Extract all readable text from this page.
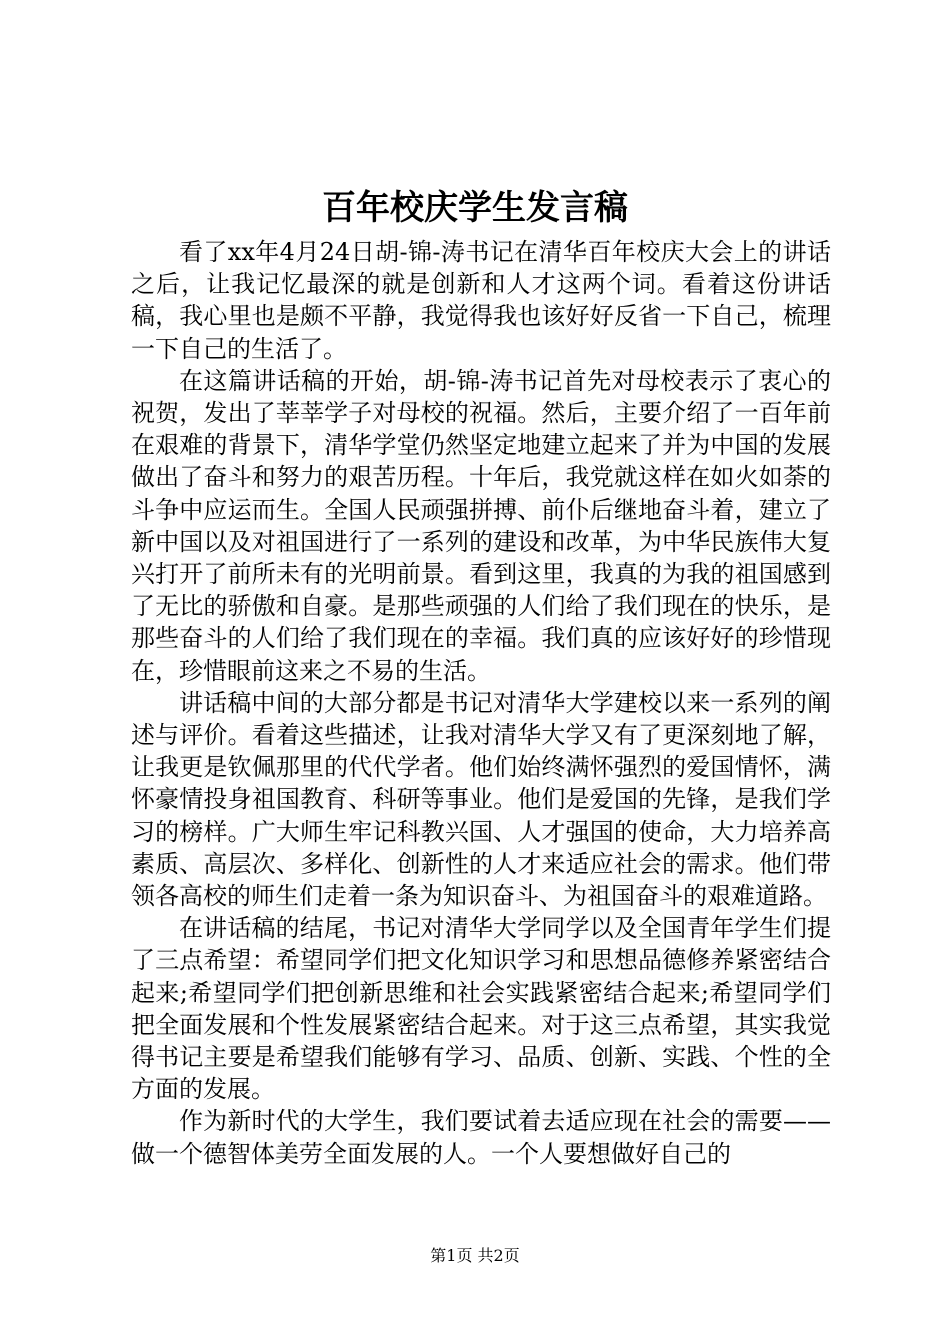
百年校庆学生发言稿

看了xx年4月24日胡-锦-涛书记在清华百年校庆大会上的讲话之后，让我记忆最深的就是创新和人才这两个词。看着这份讲话稿，我心里也是颇不平静，我觉得我也该好好反省一下自己，梳理一下自己的生活了。

在这篇讲话稿的开始，胡-锦-涛书记首先对母校表示了衷心的祝贺，发出了莘莘学子对母校的祝福。然后，主要介绍了一百年前在艰难的背景下，清华学堂仍然坚定地建立起来了并为中国的发展做出了奋斗和努力的艰苦历程。十年后，我党就这样在如火如荼的斗争中应运而生。全国人民顽强拼搏、前仆后继地奋斗着，建立了新中国以及对祖国进行了一系列的建设和改革，为中华民族伟大复兴打开了前所未有的光明前景。看到这里，我真的为我的祖国感到了无比的骄傲和自豪。是那些顽强的人们给了我们现在的快乐，是那些奋斗的人们给了我们现在的幸福。我们真的应该好好的珍惜现在，珍惜眼前这来之不易的生活。

讲话稿中间的大部分都是书记对清华大学建校以来一系列的阐述与评价。看着这些描述，让我对清华大学又有了更深刻地了解，让我更是钦佩那里的代代学者。他们始终满怀强烈的爱国情怀，满怀豪情投身祖国教育、科研等事业。他们是爱国的先锋，是我们学习的榜样。广大师生牢记科教兴国、人才强国的使命，大力培养高素质、高层次、多样化、创新性的人才来适应社会的需求。他们带领各高校的师生们走着一条为知识奋斗、为祖国奋斗的艰难道路。

在讲话稿的结尾，书记对清华大学同学以及全国青年学生们提了三点希望：希望同学们把文化知识学习和思想品德修养紧密结合起来;希望同学们把创新思维和社会实践紧密结合起来;希望同学们把全面发展和个性发展紧密结合起来。对于这三点希望，其实我觉得书记主要是希望我们能够有学习、品质、创新、实践、个性的全方面的发展。

作为新时代的大学生，我们要试着去适应现在社会的需要——做一个德智体美劳全面发展的人。一个人要想做好自己的

第1页 共2页
